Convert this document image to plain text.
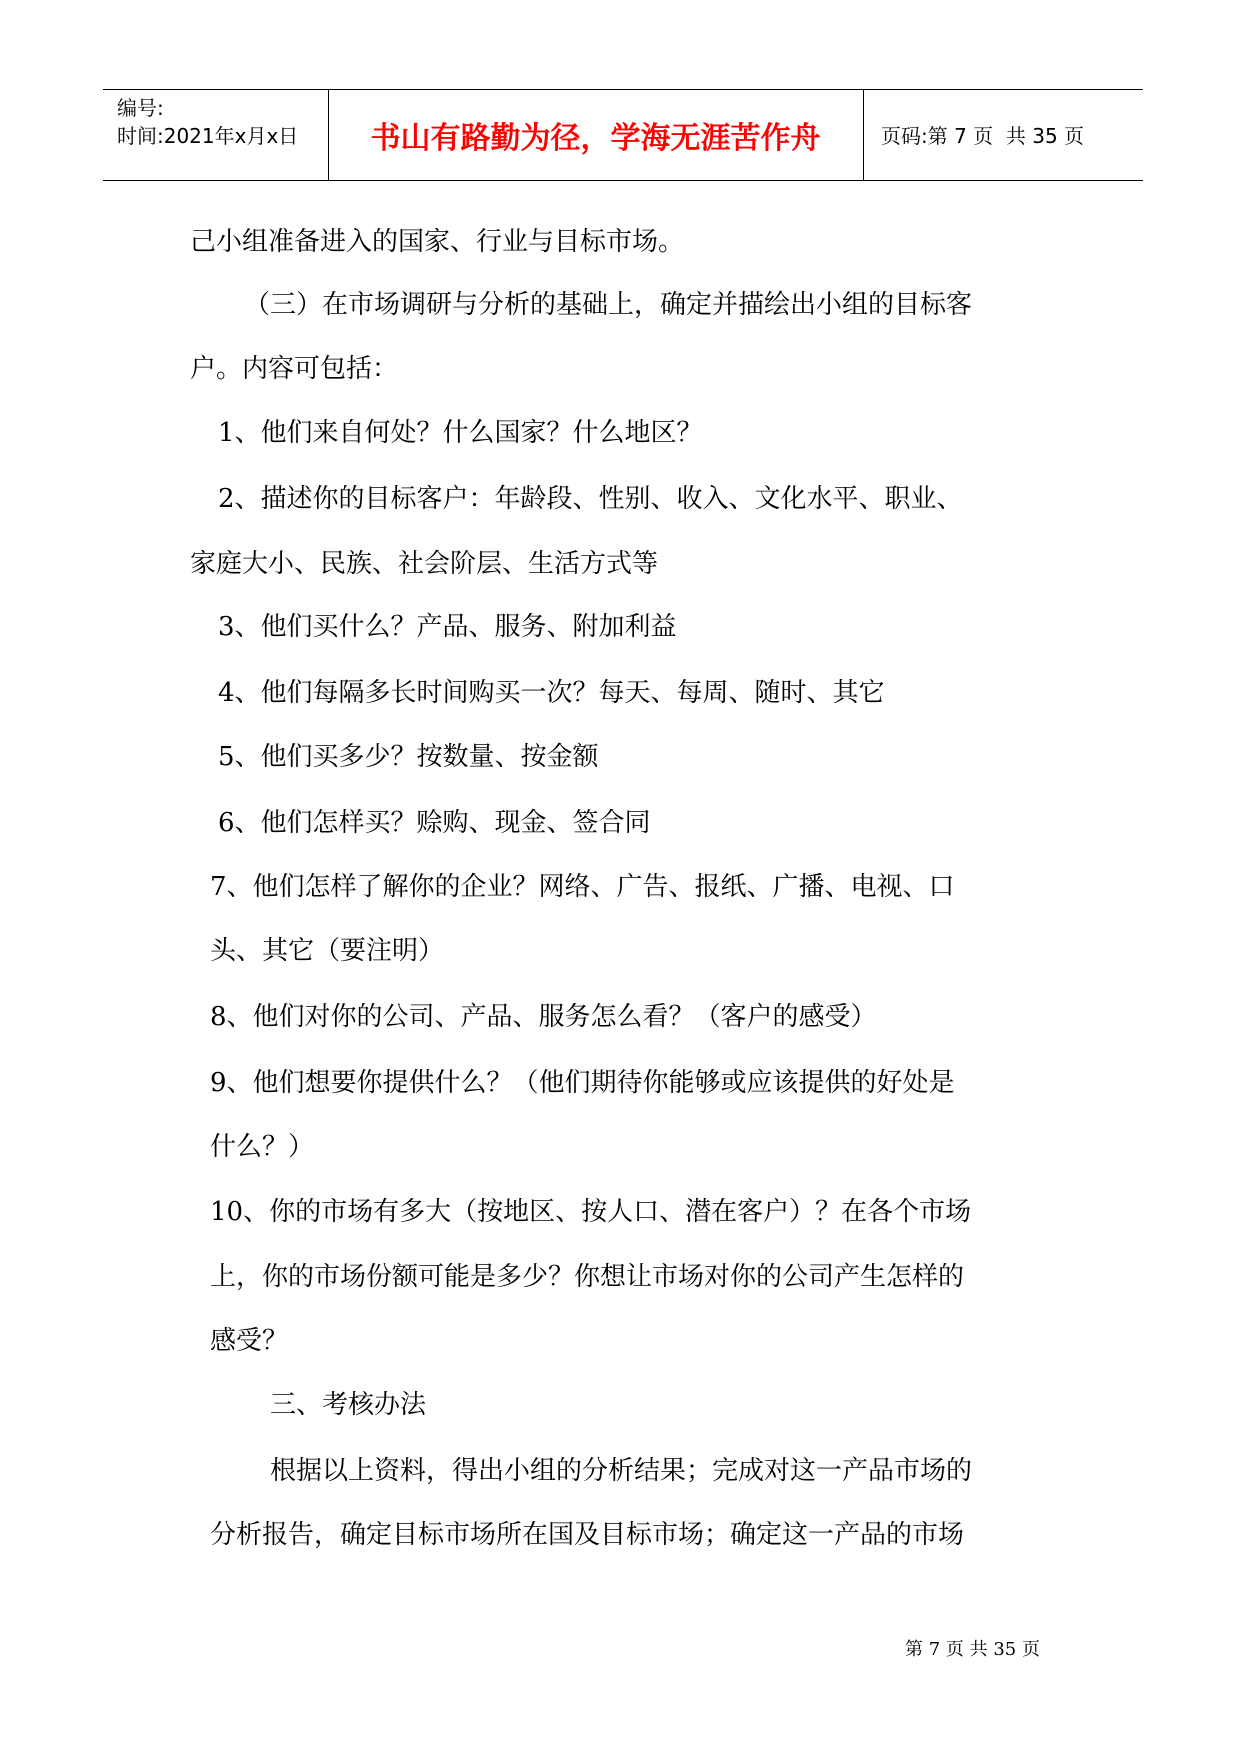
编号:
时间:2021年x月x日	书山有路勤为径，学海无涯苦作舟	页码:第 7 页  共 35 页
己小组准备进入的国家、行业与目标市场。
（三）在市场调研与分析的基础上，确定并描绘出小组的目标客
户。内容可包括：
1、他们来自何处？什么国家？什么地区？
2、描述你的目标客户：年龄段、性别、收入、文化水平、职业、
家庭大小、民族、社会阶层、生活方式等
3、他们买什么？产品、服务、附加利益
4、他们每隔多长时间购买一次？每天、每周、随时、其它
5、他们买多少？按数量、按金额
6、他们怎样买？赊购、现金、签合同
7、他们怎样了解你的企业？网络、广告、报纸、广播、电视、口
头、其它（要注明）
8、他们对你的公司、产品、服务怎么看？（客户的感受）
9、他们想要你提供什么？（他们期待你能够或应该提供的好处是
什么？）
10、你的市场有多大（按地区、按人口、潜在客户）？在各个市场
上，你的市场份额可能是多少？你想让市场对你的公司产生怎样的
感受？
三、考核办法
根据以上资料，得出小组的分析结果；完成对这一产品市场的
分析报告，确定目标市场所在国及目标市场；确定这一产品的市场
第 7 页 共 35 页
